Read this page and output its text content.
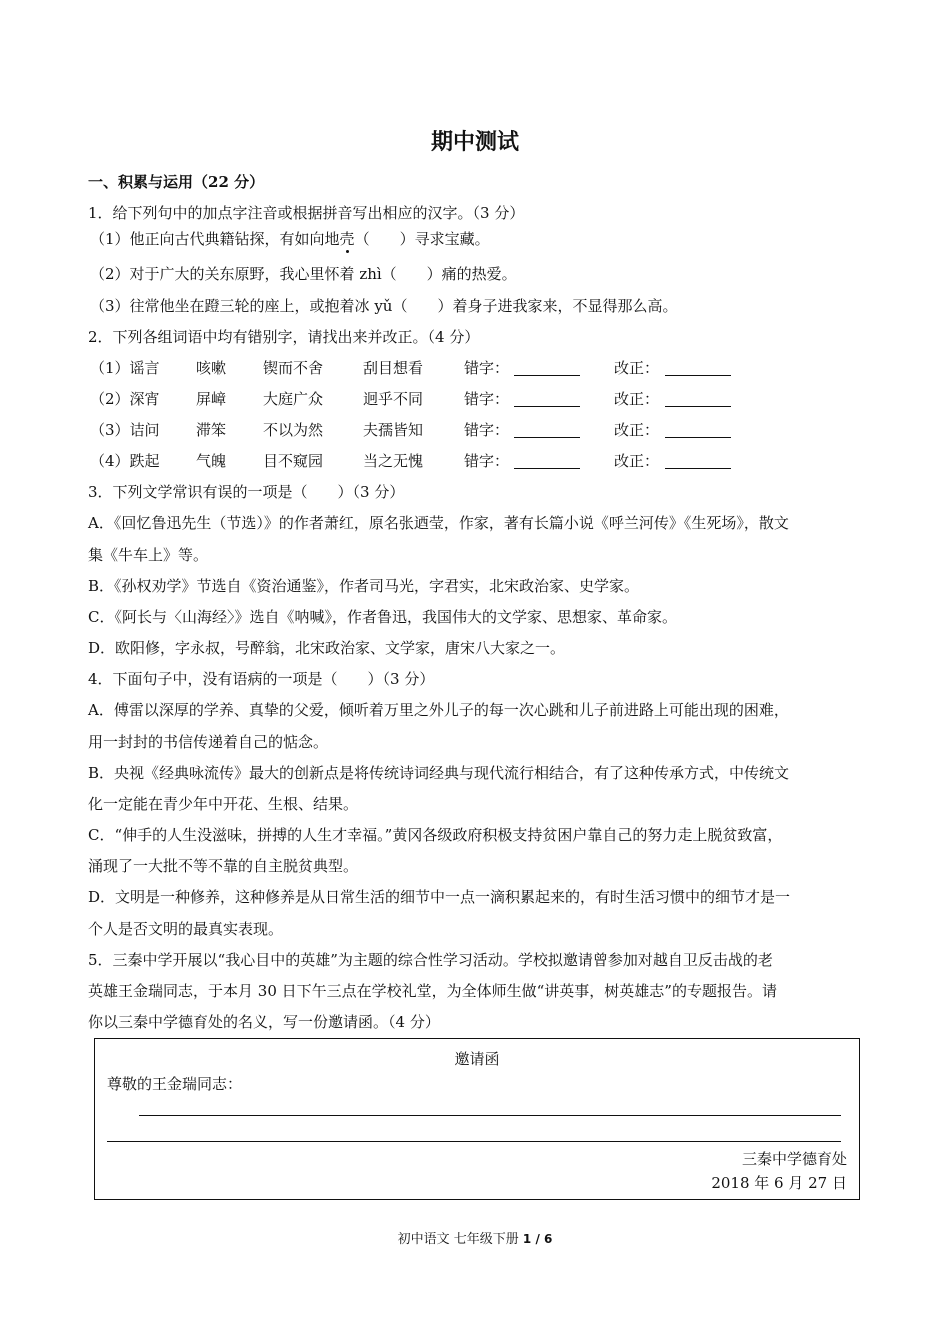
期中测试
一、积累与运用（22 分）
1．给下列句中的加点字注音或根据拼音写出相应的汉字。（3 分）
（1）他正向古代典籍钻探，有如向地壳（　　）寻求宝藏。
（2）对于广大的关东原野，我心里怀着 zhì（　　）痛的热爱。
（3）往常他坐在蹬三轮的座上，或抱着冰 yǔ（　　）着身子进我家来，不显得那么高。
2．下列各组词语中均有错别字，请找出来并改正。（4 分）
（1）谣言 咳嗽 锲而不舍	刮目想看	错字：	改正：
（2）深宵 屏嶂 大庭广众	迥乎不同	错字：	改正：
（3）诘问 滞笨 不以为然	夫孺皆知	错字：	改正：
（4）跌起 气魄 目不窥园	当之无愧	错字：	改正：
3．下列文学常识有误的一项是（　　）（3 分）
A．《回忆鲁迅先生（节选）》的作者萧红，原名张迺莹，作家，著有长篇小说《呼兰河传》《生死场》，散文
集《牛车上》等。
B．《孙权劝学》节选自《资治通鉴》，作者司马光，字君实，北宋政治家、史学家。
C．《阿长与〈山海经〉》选自《呐喊》，作者鲁迅，我国伟大的文学家、思想家、革命家。
D．欧阳修，字永叔，号醉翁，北宋政治家、文学家，唐宋八大家之一。
4．下面句子中，没有语病的一项是（　　）（3 分）
A．傅雷以深厚的学养、真挚的父爱，倾听着万里之外儿子的每一次心跳和儿子前进路上可能出现的困难，
用一封封的书信传递着自己的惦念。
B．央视《经典咏流传》最大的创新点是将传统诗词经典与现代流行相结合，有了这种传承方式，中传统文
化一定能在青少年中开花、生根、结果。
C．“伸手的人生没滋味，拼搏的人生才幸福。”黄冈各级政府积极支持贫困户靠自己的努力走上脱贫致富，
涌现了一大批不等不靠的自主脱贫典型。
D．文明是一种修养，这种修养是从日常生活的细节中一点一滴积累起来的，有时生活习惯中的细节才是一
个人是否文明的最真实表现。
5．三秦中学开展以“我心目中的英雄”为主题的综合性学习活动。学校拟邀请曾参加对越自卫反击战的老
英雄王金瑞同志，于本月 30 日下午三点在学校礼堂，为全体师生做“讲英事，树英雄志”的专题报告。请
你以三秦中学德育处的名义，写一份邀请函。（4 分）
邀请函
尊敬的王金瑞同志：
三秦中学德育处
2018 年 6 月 27 日
初中语文 七年级下册 1 / 6
